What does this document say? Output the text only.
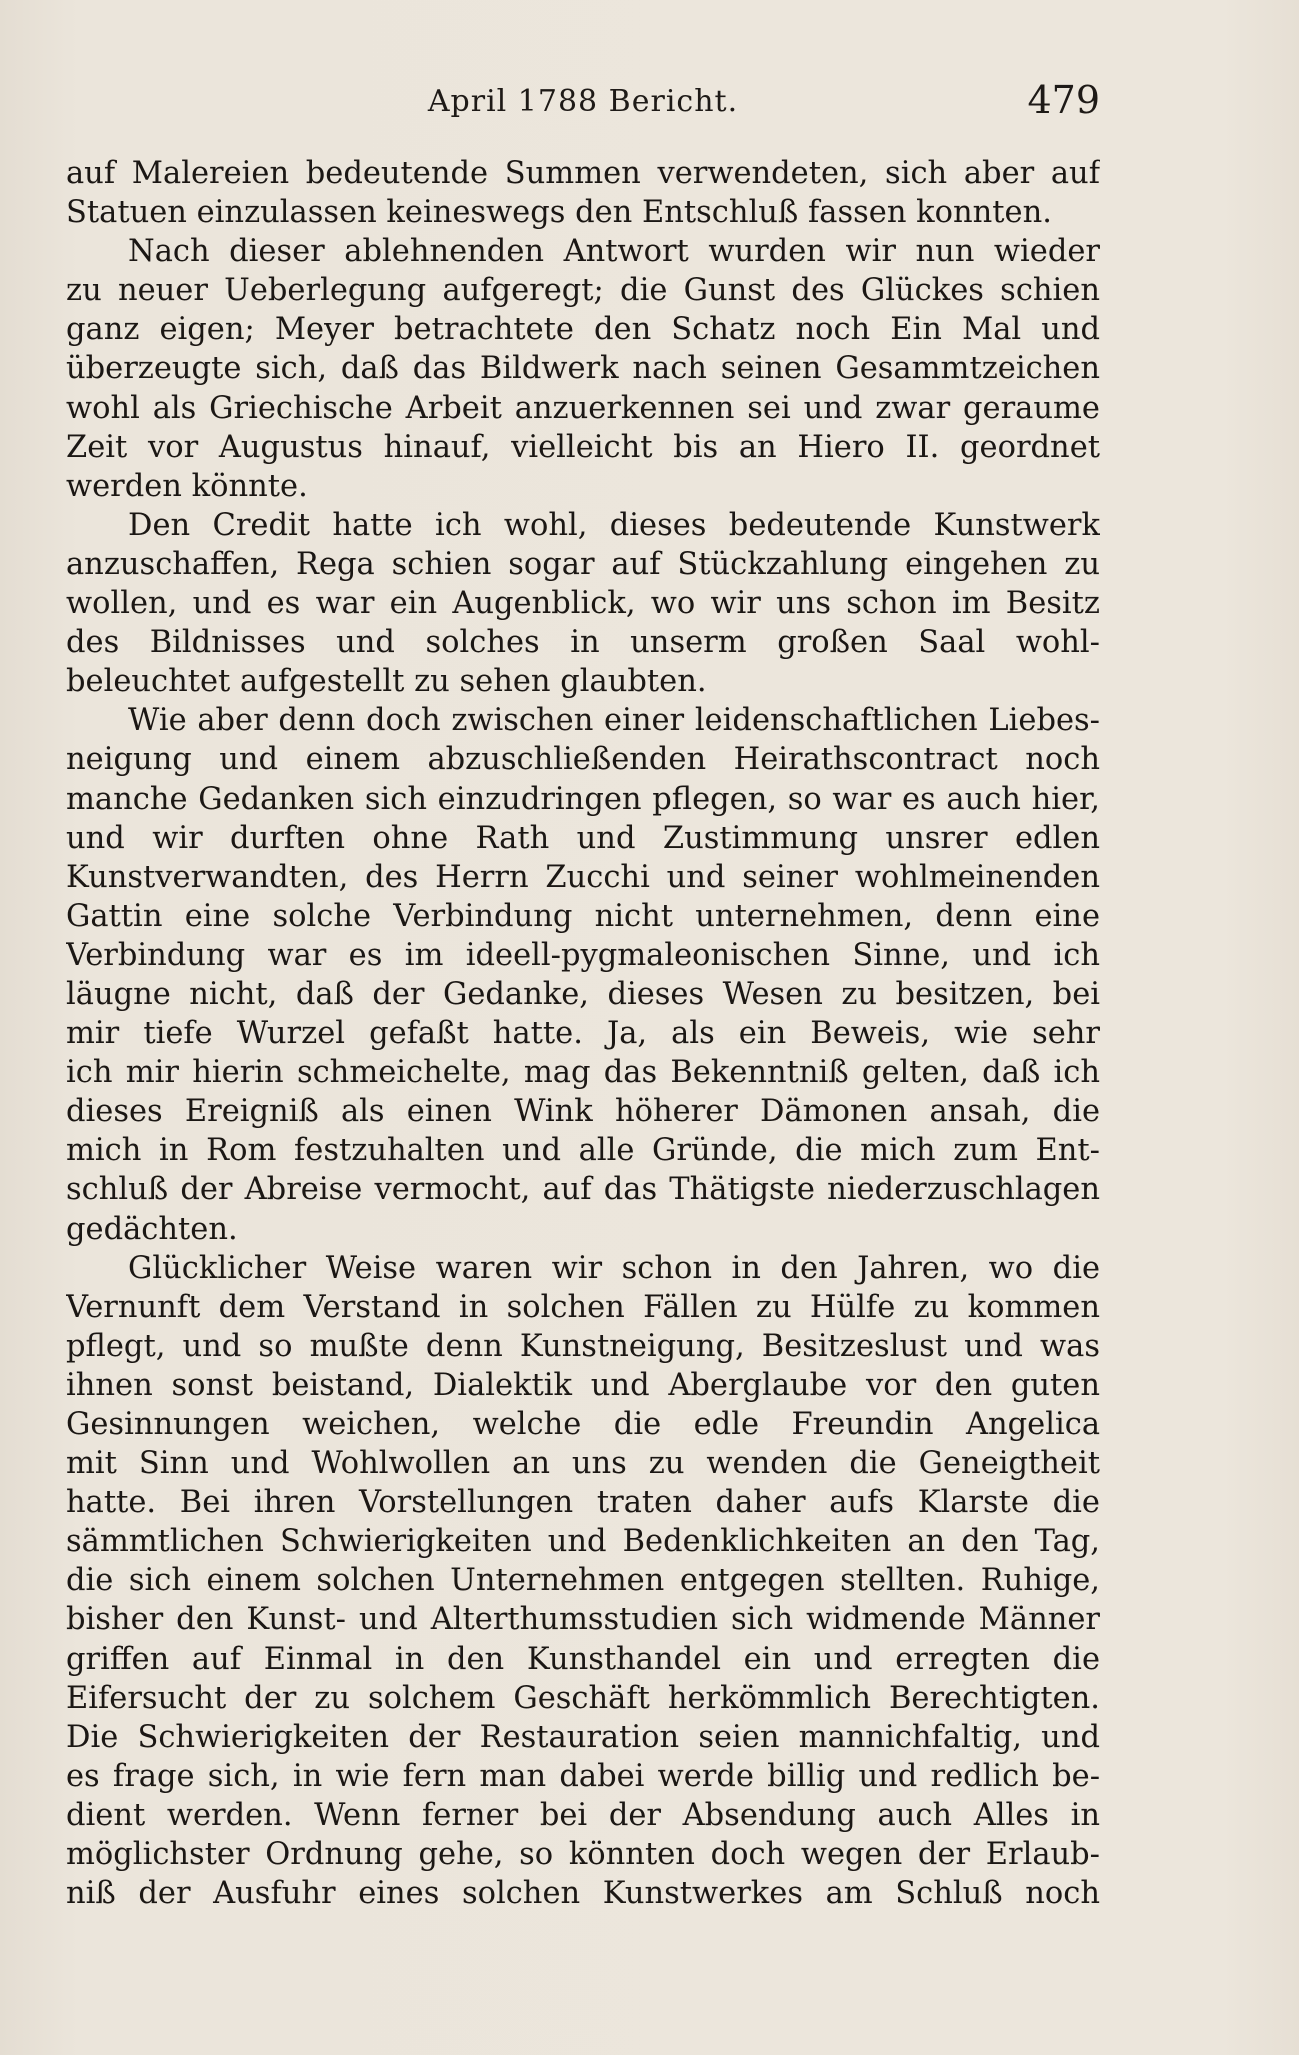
April 1788 Bericht.	479
auf Malereien bedeutende Summen verwendeten, sich aber auf
Statuen einzulassen keineswegs den Entschluß fassen konnten.
Nach dieser ablehnenden Antwort wurden wir nun wieder
zu neuer Ueberlegung aufgeregt; die Gunst des Glückes schien
ganz eigen; Meyer betrachtete den Schatz noch Ein Mal und
überzeugte sich, daß das Bildwerk nach seinen Gesammtzeichen
wohl als Griechische Arbeit anzuerkennen sei und zwar geraume
Zeit vor Augustus hinauf, vielleicht bis an Hiero II. geordnet
werden könnte.
Den Credit hatte ich wohl, dieses bedeutende Kunstwerk
anzuschaffen, Rega schien sogar auf Stückzahlung eingehen zu
wollen, und es war ein Augenblick, wo wir uns schon im Besitz
des Bildnisses und solches in unserm großen Saal wohl-
beleuchtet aufgestellt zu sehen glaubten.
Wie aber denn doch zwischen einer leidenschaftlichen Liebes-
neigung und einem abzuschließenden Heirathscontract noch
manche Gedanken sich einzudringen pflegen, so war es auch hier,
und wir durften ohne Rath und Zustimmung unsrer edlen
Kunstverwandten, des Herrn Zucchi und seiner wohlmeinenden
Gattin eine solche Verbindung nicht unternehmen, denn eine
Verbindung war es im ideell-pygmaleonischen Sinne, und ich
läugne nicht, daß der Gedanke, dieses Wesen zu besitzen, bei
mir tiefe Wurzel gefaßt hatte. Ja, als ein Beweis, wie sehr
ich mir hierin schmeichelte, mag das Bekenntniß gelten, daß ich
dieses Ereigniß als einen Wink höherer Dämonen ansah, die
mich in Rom festzuhalten und alle Gründe, die mich zum Ent-
schluß der Abreise vermocht, auf das Thätigste niederzuschlagen
gedächten.
Glücklicher Weise waren wir schon in den Jahren, wo die
Vernunft dem Verstand in solchen Fällen zu Hülfe zu kommen
pflegt, und so mußte denn Kunstneigung, Besitzeslust und was
ihnen sonst beistand, Dialektik und Aberglaube vor den guten
Gesinnungen weichen, welche die edle Freundin Angelica
mit Sinn und Wohlwollen an uns zu wenden die Geneigtheit
hatte. Bei ihren Vorstellungen traten daher aufs Klarste die
sämmtlichen Schwierigkeiten und Bedenklichkeiten an den Tag,
die sich einem solchen Unternehmen entgegen stellten. Ruhige,
bisher den Kunst- und Alterthumsstudien sich widmende Männer
griffen auf Einmal in den Kunsthandel ein und erregten die
Eifersucht der zu solchem Geschäft herkömmlich Berechtigten.
Die Schwierigkeiten der Restauration seien mannichfaltig, und
es frage sich, in wie fern man dabei werde billig und redlich be-
dient werden. Wenn ferner bei der Absendung auch Alles in
möglichster Ordnung gehe, so könnten doch wegen der Erlaub-
niß der Ausfuhr eines solchen Kunstwerkes am Schluß noch
